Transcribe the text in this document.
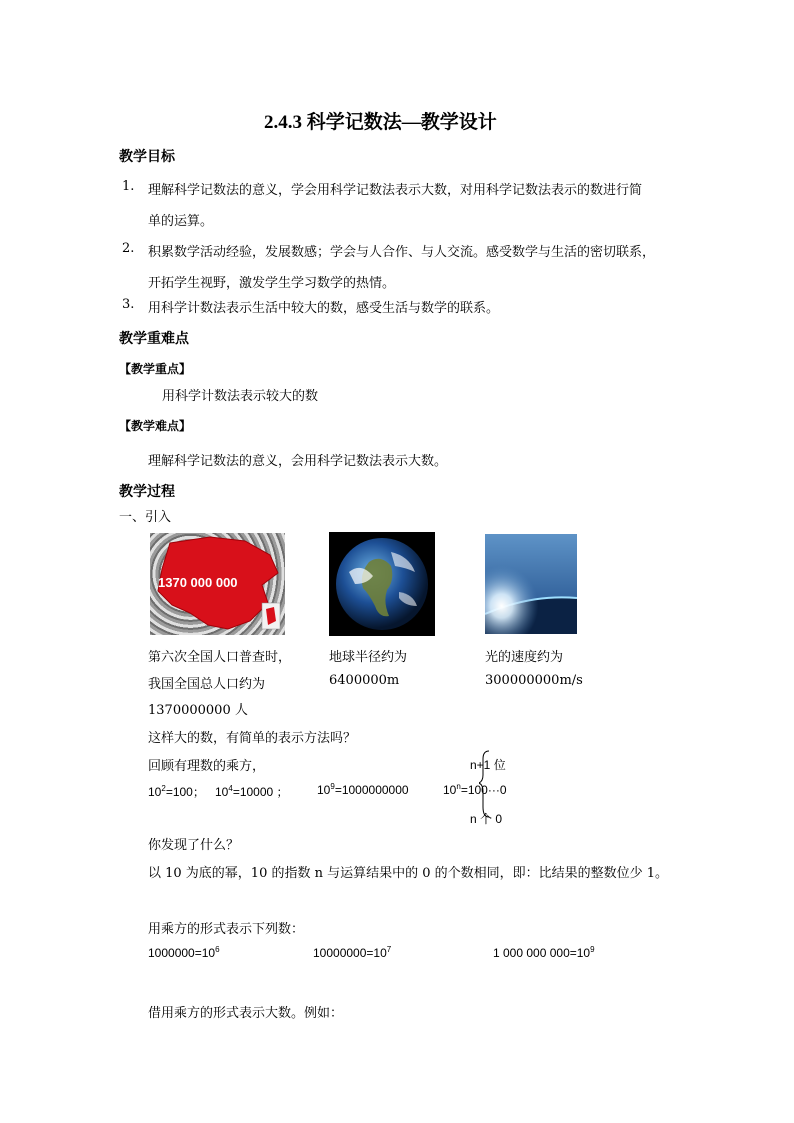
2.4.3 科学记数法—教学设计
教学目标
1. 理解科学记数法的意义，学会用科学记数法表示大数，对用科学记数法表示的数进行简
单的运算。
2. 积累数学活动经验，发展数感；学会与人合作、与人交流。感受数学与生活的密切联系，
开拓学生视野，激发学生学习数学的热情。
3. 用科学计数法表示生活中较大的数，感受生活与数学的联系。
教学重难点
【教学重点】
用科学计数法表示较大的数
【教学难点】
理解科学记数法的意义，会用科学记数法表示大数。
教学过程
一、引入
1370 000 000
第六次全国人口普查时，
我国全国总人口约为
1370000000 人
地球半径约为
6400000m
光的速度约为
300000000m/s
这样大的数，有简单的表示方法吗？
回顾有理数的乘方，
$10^2=100$； $10^4=10000$ ； $10^9=1000000000$	$10^n=100\cdot\cdot\cdot 0$
n+1 位
n 个 0
你发现了什么？
以 10 为底的幂，10 的指数 n 与运算结果中的 0 的个数相同，即：比结果的整数位少 1。
用乘方的形式表示下列数：
$1000000=10^6$	$10000000=10^7$	1 000 000 $000=10^9$
借用乘方的形式表示大数。例如：
